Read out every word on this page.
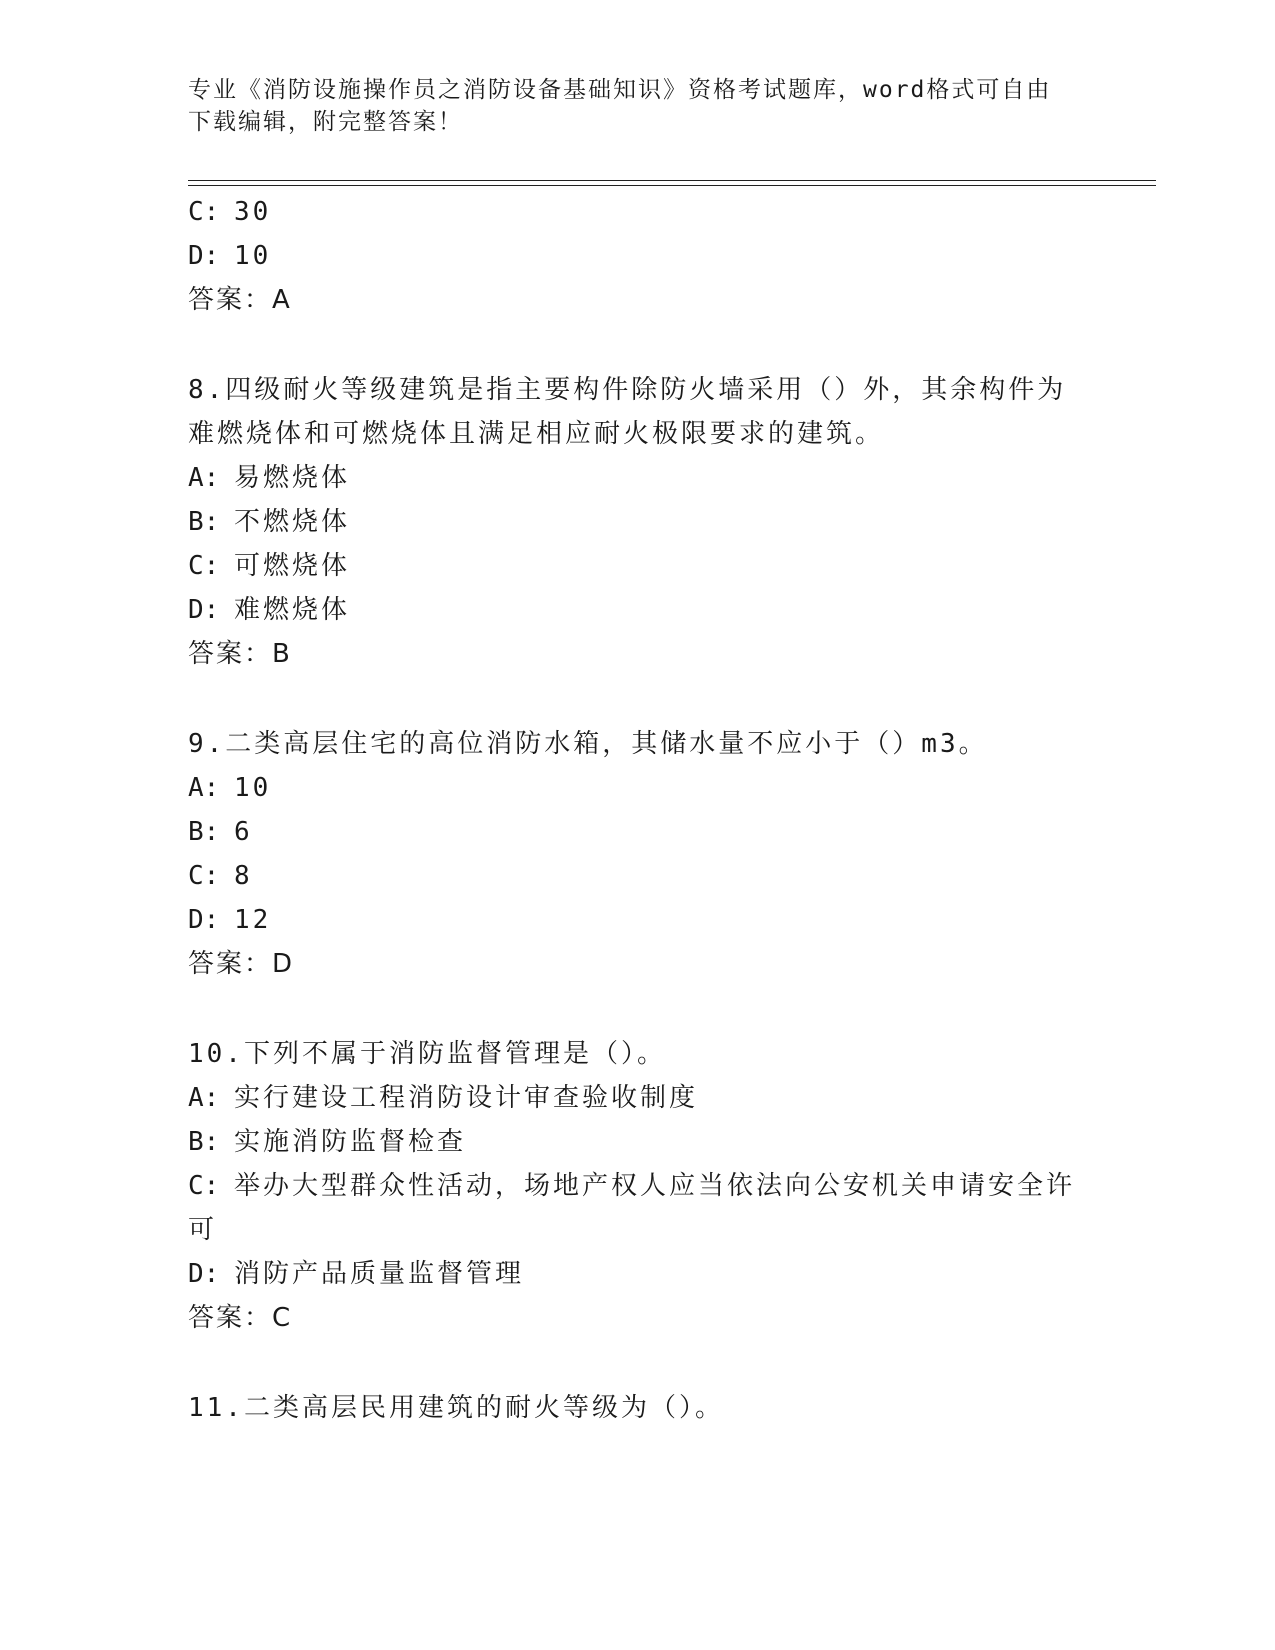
专业《消防设施操作员之消防设备基础知识》资格考试题库，word格式可自由下载编辑，附完整答案！
C: 30
D: 10
答案：A
8.四级耐火等级建筑是指主要构件除防火墙采用（）外，其余构件为
难燃烧体和可燃烧体且满足相应耐火极限要求的建筑。
A: 易燃烧体
B: 不燃烧体
C: 可燃烧体
D: 难燃烧体
答案：B
9.二类高层住宅的高位消防水箱，其储水量不应小于（）m3。
A: 10
B: 6
C: 8
D: 12
答案：D
10.下列不属于消防监督管理是（）。
A: 实行建设工程消防设计审查验收制度
B: 实施消防监督检查
C: 举办大型群众性活动，场地产权人应当依法向公安机关申请安全许
可
D: 消防产品质量监督管理
答案：C
11.二类高层民用建筑的耐火等级为（）。
